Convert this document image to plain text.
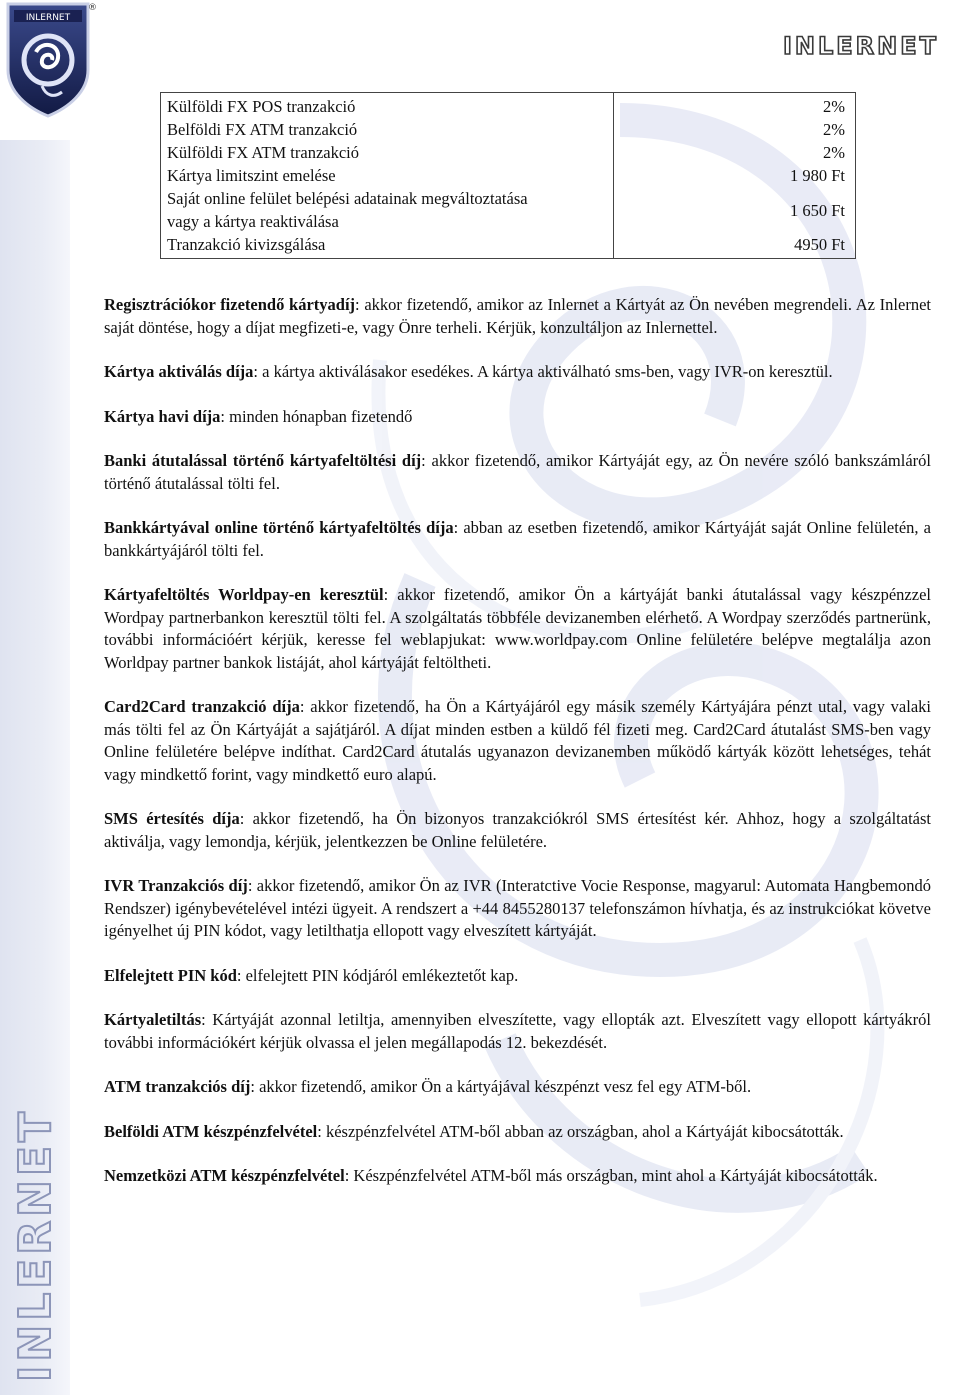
INLERNET
®
INLERNET
INLERNET
Külföldi FX POS tranzakció	2%
Belföldi FX ATM tranzakció	2%
Külföldi FX ATM tranzakció	2%
Kártya limitszint emelése	1 980 Ft
Saját online felület belépési adatainak megváltoztatása
vagy a kártya reaktiválása	1 650 Ft
Tranzakció kivizsgálása	4950 Ft

Regisztrációkor fizetendő kártyadíj: akkor fizetendő, amikor az Inlernet a Kártyát az Ön nevében megrendeli. Az Inlernet saját döntése, hogy a díjat megfizeti-e, vagy Önre terheli. Kérjük, konzultáljon az Inlernettel.

Kártya aktiválás díja: a kártya aktiválásakor esedékes. A kártya aktiválható sms-ben, vagy IVR-on keresztül.

Kártya havi díja: minden hónapban fizetendő

Banki átutalással történő kártyafeltöltési díj: akkor fizetendő, amikor Kártyáját egy, az Ön nevére szóló bankszámláról történő átutalással tölti fel.

Bankkártyával online történő kártyafeltöltés díja: abban az esetben fizetendő, amikor Kártyáját saját Online felületén, a bankkártyájáról tölti fel.

Kártyafeltöltés Worldpay-en keresztül: akkor fizetendő, amikor Ön a kártyáját banki átutalással vagy készpénzzel Wordpay partnerbankon keresztül tölti fel. A szolgáltatás többféle devizanemben elérhető. A Wordpay szerződés partnerünk, további információért kérjük, keresse fel weblapjukat: www.worldpay.com Online felületére belépve megtalálja azon Worldpay partner bankok listáját, ahol kártyáját feltöltheti.

Card2Card tranzakció díja: akkor fizetendő, ha Ön a Kártyájáról egy másik személy Kártyájára pénzt utal, vagy valaki más tölti fel az Ön Kártyáját a sajátjáról. A díjat minden estben a küldő fél fizeti meg. Card2Card átutalást SMS-ben vagy Online felületére belépve indíthat. Card2Card átutalás ugyanazon devizanemben működő kártyák között lehetséges, tehát vagy mindkettő forint, vagy mindkettő euro alapú.

SMS értesítés díja: akkor fizetendő, ha Ön bizonyos tranzakciókról SMS értesítést kér. Ahhoz, hogy a szolgáltatást aktiválja, vagy lemondja, kérjük, jelentkezzen be Online felületére.

IVR Tranzakciós díj: akkor fizetendő, amikor Ön az IVR (Interatctive Vocie Response, magyarul: Automata Hangbemondó Rendszer) igénybevételével intézi ügyeit. A rendszert a +44 8455280137 telefonszámon hívhatja, és az instrukciókat követve igényelhet új PIN kódot, vagy letilthatja ellopott vagy elveszített kártyáját.

Elfelejtett PIN kód: elfelejtett PIN kódjáról emlékeztetőt kap.

Kártyaletiltás: Kártyáját azonnal letiltja, amennyiben elveszítette, vagy ellopták azt. Elveszített vagy ellopott kártyákról további információkért kérjük olvassa el jelen megállapodás 12. bekezdését.

ATM tranzakciós díj: akkor fizetendő, amikor Ön a kártyájával készpénzt vesz fel egy ATM-ből.

Belföldi ATM készpénzfelvétel: készpénzfelvétel ATM-ből abban az országban, ahol a Kártyáját kibocsátották.

Nemzetközi ATM készpénzfelvétel: Készpénzfelvétel ATM-ből más országban, mint ahol a Kártyáját kibocsátották.
